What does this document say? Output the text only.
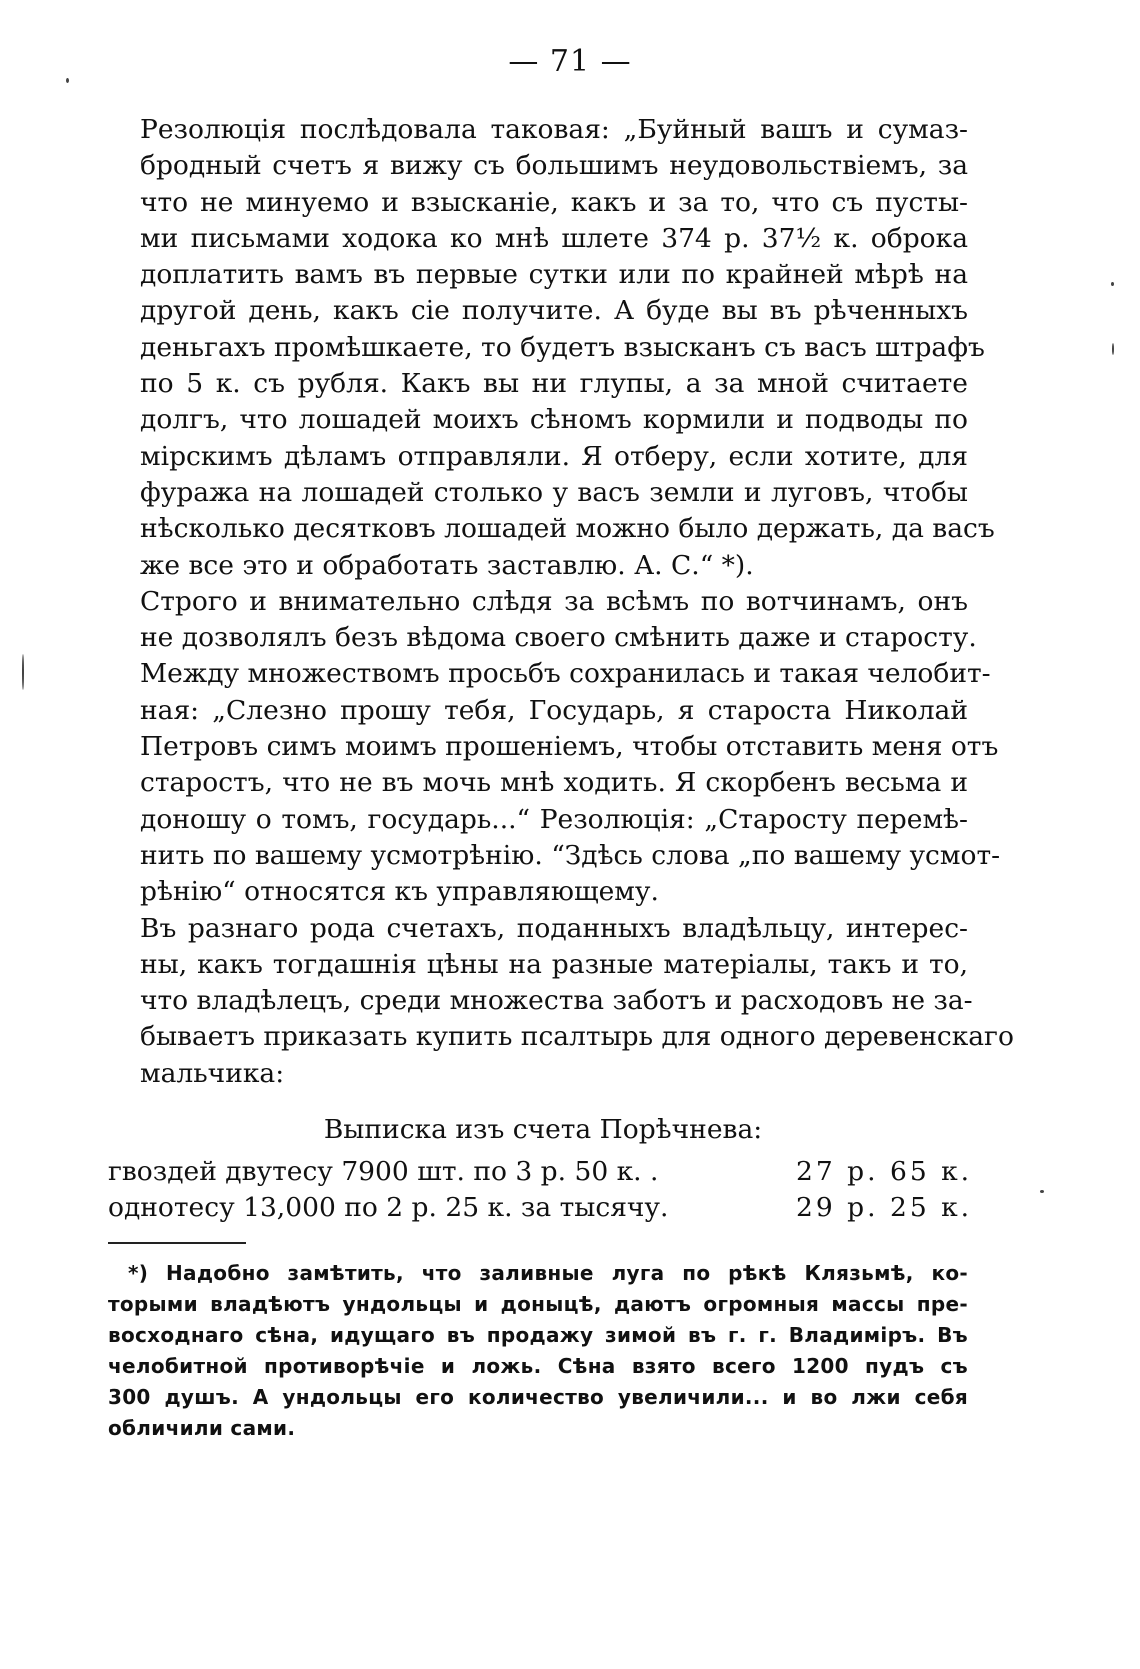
— 71 —

Резолюція послѣдовала таковая: „Буйный вашъ и сумаз-
бродный счетъ я вижу съ большимъ неудовольствіемъ, за
что не минуемо и взысканіе, какъ и за то, что съ пусты-
ми письмами ходока ко мнѣ шлете 374 р. 37½ к. оброка
доплатить вамъ въ первые сутки или по крайней мѣрѣ на
другой день, какъ сіе получите. А буде вы въ рѣченныхъ
деньгахъ промѣшкаете, то будетъ взысканъ съ васъ штрафъ
по 5 к. съ рубля. Какъ вы ни глупы, а за мной считаете
долгъ, что лошадей моихъ сѣномъ кормили и подводы по
мірскимъ дѣламъ отправляли. Я отберу, если хотите, для
фуража на лошадей столько у васъ земли и луговъ, чтобы
нѣсколько десятковъ лошадей можно было держать, да васъ
же все это и обработать заставлю. А. С.“ *).

Строго и внимательно слѣдя за всѣмъ по вотчинамъ, онъ
не дозволялъ безъ вѣдома своего смѣнить даже и старосту.
Между множествомъ просьбъ сохранилась и такая челобит-
ная: „Слезно прошу тебя, Государь, я староста Николай
Петровъ симъ моимъ прошеніемъ, чтобы отставить меня отъ
старостъ, что не въ мочь мнѣ ходить. Я скорбенъ весьма и
доношу о томъ, государь...“ Резолюція: „Старосту перемѣ-
нить по вашему усмотрѣнію. “Здѣсь слова „по вашему усмот-
рѣнію“ относятся къ управляющему.

Въ разнаго рода счетахъ, поданныхъ владѣльцу, интерес-
ны, какъ тогдашнія цѣны на разные матеріалы, такъ и то,
что владѣлецъ, среди множества заботъ и расходовъ не за-
бываетъ приказать купить псалтырь для одного деревенскаго
мальчика:

Выписка изъ счета Порѣчнева:
гвоздей двутесу 7900 шт. по 3 р. 50 к. .	27 р. 65 к.
однотесу 13,000 по 2 р. 25 к. за тысячу.	29 р. 25 к.
*) Надобно замѣтить, что заливные луга по рѣкѣ Клязьмѣ, ко-
торыми владѣютъ ундольцы и доныцѣ, даютъ огромныя массы пре-
восходнаго сѣна, идущаго въ продажу зимой въ г. г. Владиміръ. Въ
челобитной противорѣчіе и ложь. Сѣна взято всего 1200 пудъ съ
300 душъ. А ундольцы его количество увеличили... и во лжи себя
обличили сами.
